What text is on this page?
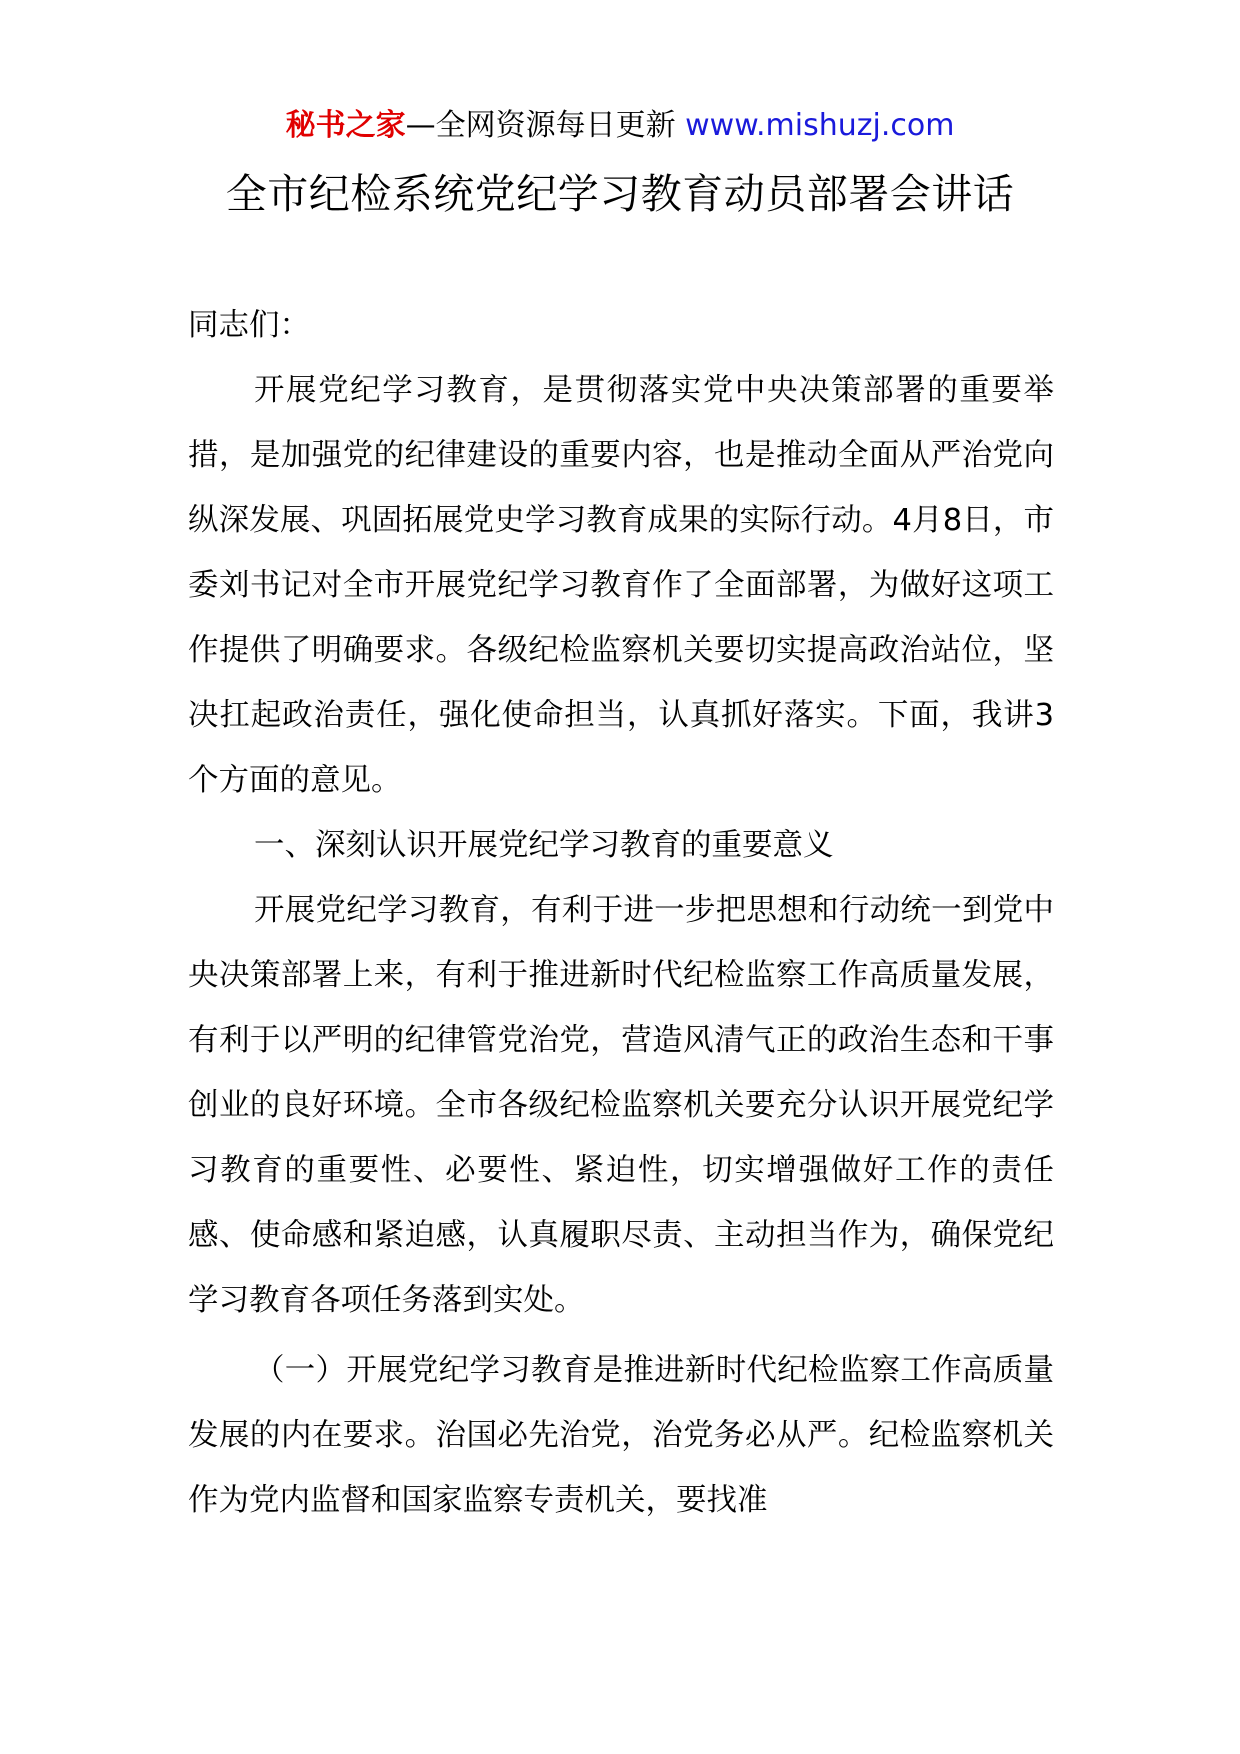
秘书之家—全网资源每日更新 www.mishuzj.com
全市纪检系统党纪学习教育动员部署会讲话

同志们：

开展党纪学习教育，是贯彻落实党中央决策部署的重要举措，是加强党的纪律建设的重要内容，也是推动全面从严治党向纵深发展、巩固拓展党史学习教育成果的实际行动。4月8日，市委刘书记对全市开展党纪学习教育作了全面部署，为做好这项工作提供了明确要求。各级纪检监察机关要切实提高政治站位，坚决扛起政治责任，强化使命担当，认真抓好落实。下面，我讲3个方面的意见。

一、深刻认识开展党纪学习教育的重要意义

开展党纪学习教育，有利于进一步把思想和行动统一到党中央决策部署上来，有利于推进新时代纪检监察工作高质量发展，有利于以严明的纪律管党治党，营造风清气正的政治生态和干事创业的良好环境。全市各级纪检监察机关要充分认识开展党纪学习教育的重要性、必要性、紧迫性，切实增强做好工作的责任感、使命感和紧迫感，认真履职尽责、主动担当作为，确保党纪学习教育各项任务落到实处。

（一）开展党纪学习教育是推进新时代纪检监察工作高质量发展的内在要求。治国必先治党，治党务必从严。纪检监察机关作为党内监督和国家监察专责机关，要找准
